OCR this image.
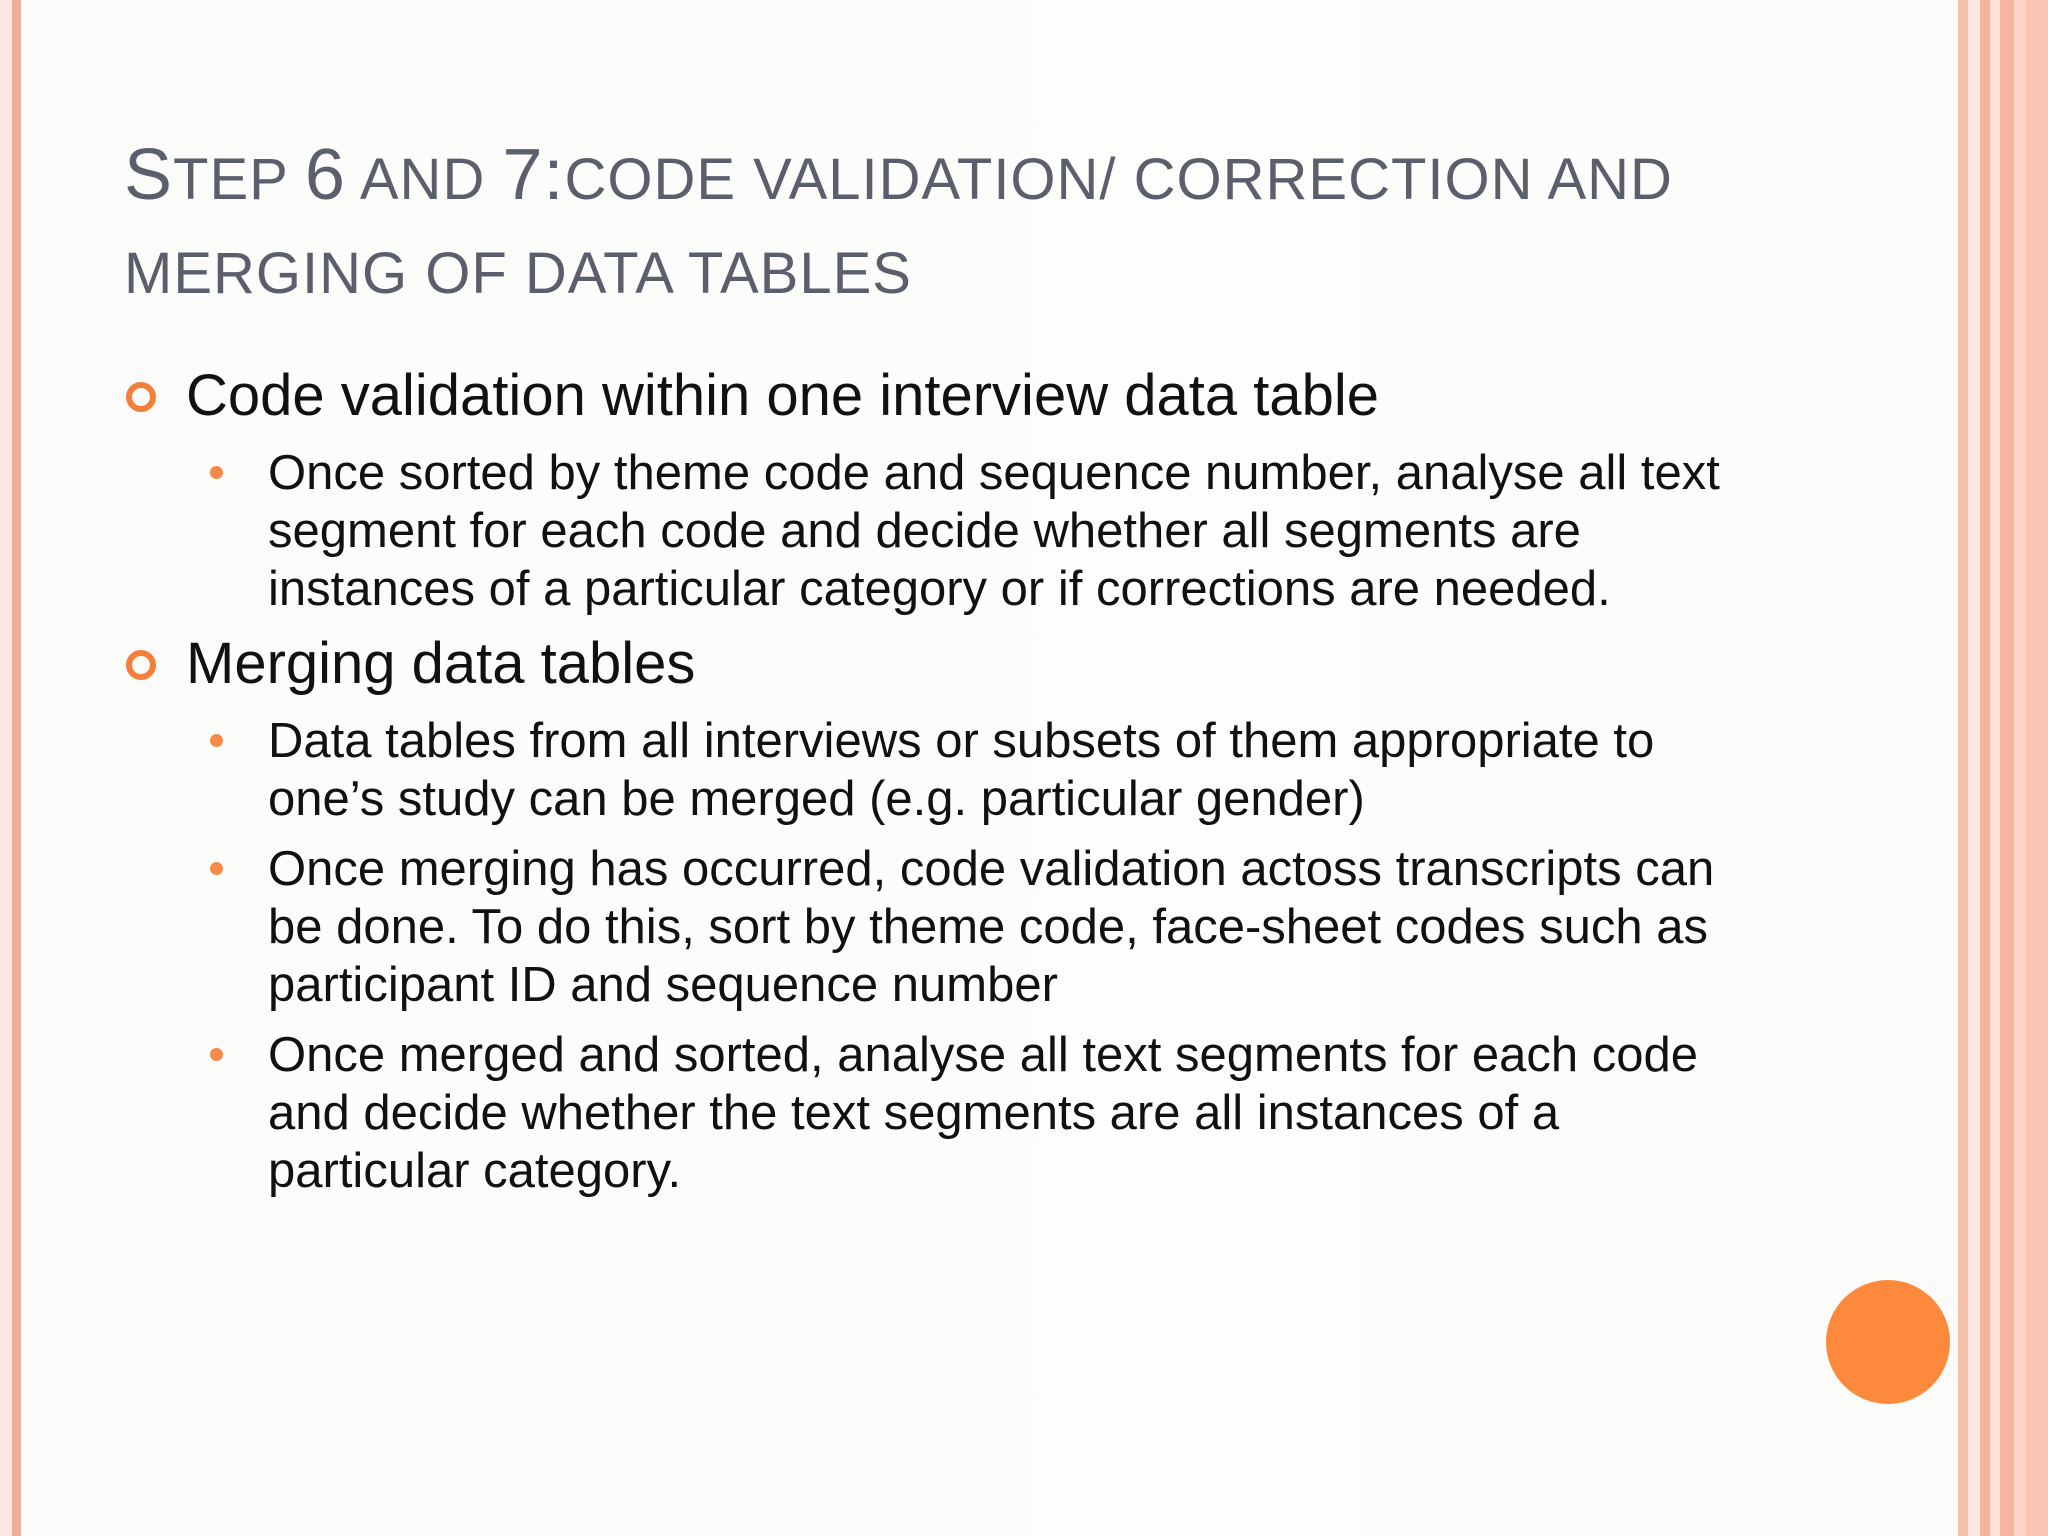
STEP 6 AND 7:CODE VALIDATION/ CORRECTION AND MERGING OF DATA TABLES
Code validation within one interview data table
Once sorted by theme code and sequence number, analyse all text segment for each code and decide whether all segments are instances of a particular category or if corrections are needed.
Merging data tables
Data tables from all interviews or subsets of them appropriate to one’s study can be merged (e.g. particular gender)
Once merging has occurred, code validation actoss transcripts can be done. To do this, sort by theme code, face-sheet codes such as participant ID and sequence number
Once merged and sorted, analyse all text segments for each code and decide whether the text segments are all instances of a particular category.
